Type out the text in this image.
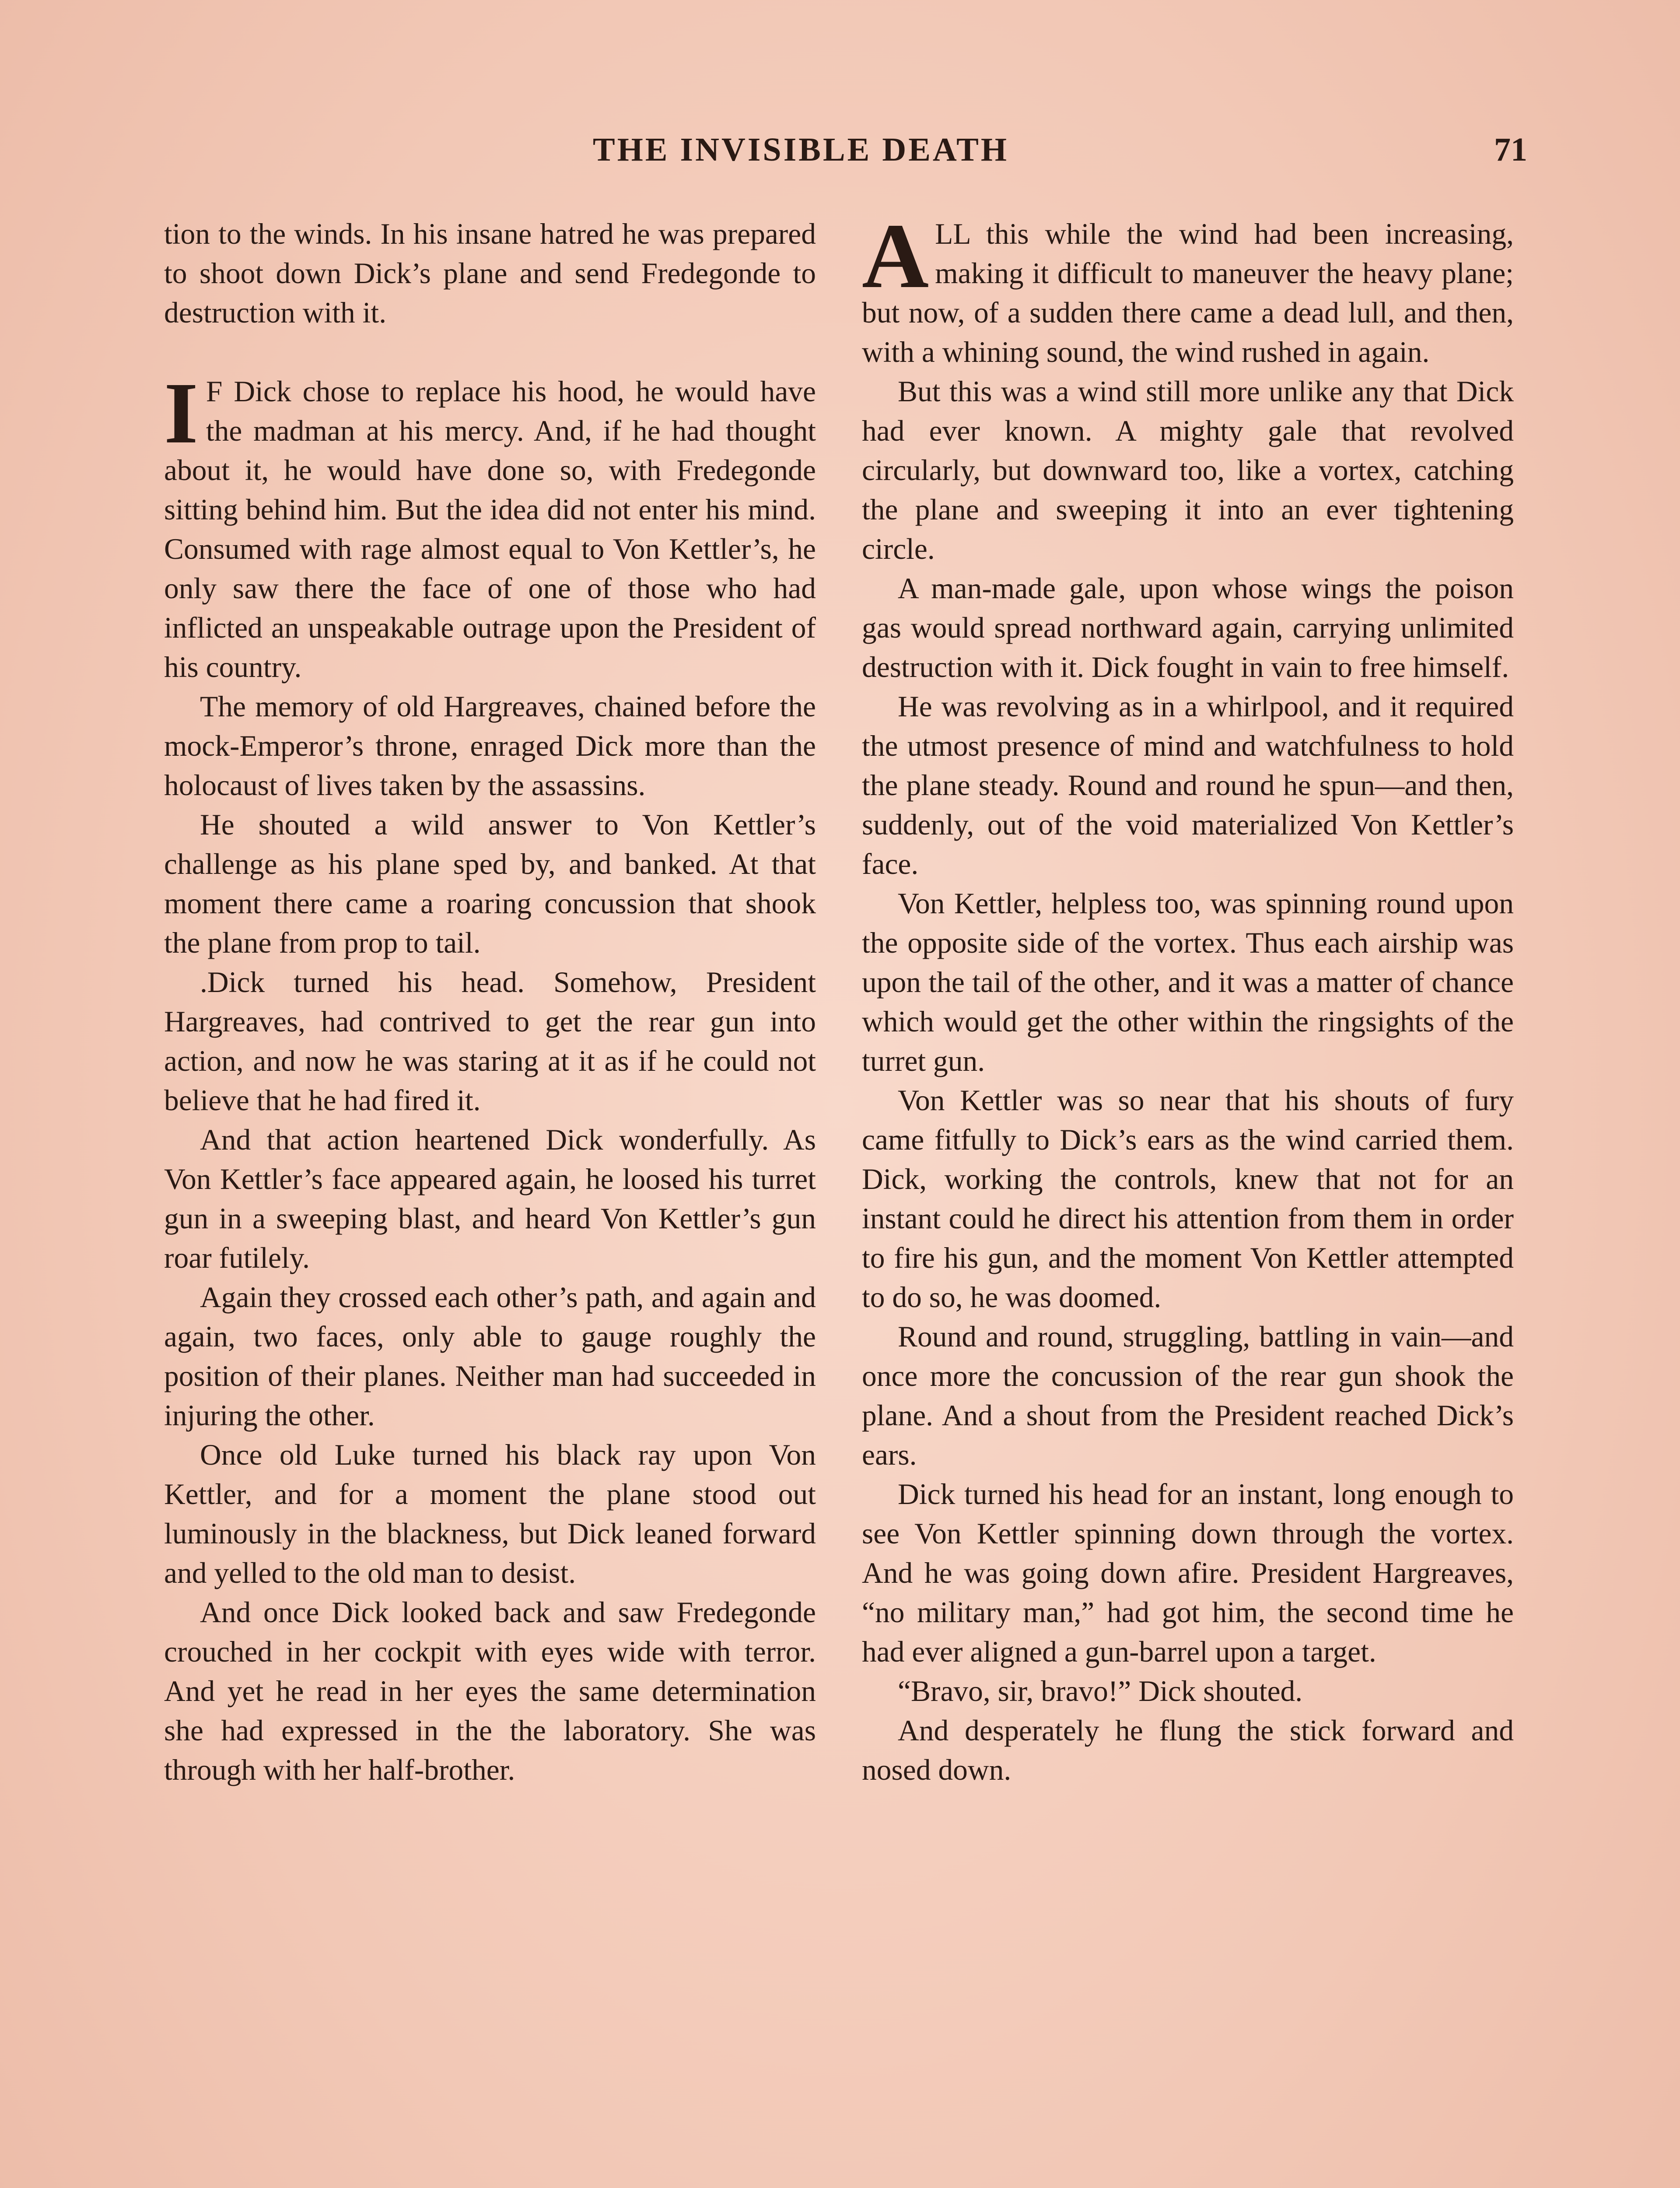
THE INVISIBLE DEATH	71

tion to the winds. In his insane hatred he was prepared to shoot down Dick’s plane and send Fredegonde to destruction with it.

I F Dick chose to replace his hood, he would have the madman at his mercy. And, if he had thought about it, he would have done so, with Fredegonde sitting behind him. But the idea did not enter his mind. Consumed with rage almost equal to Von Kettler’s, he only saw there the face of one of those who had inflicted an unspeakable outrage upon the President of his country.

The memory of old Hargreaves, chained before the mock-Emperor’s throne, enraged Dick more than the holocaust of lives taken by the assassins.

He shouted a wild answer to Von Kettler’s challenge as his plane sped by, and banked. At that moment there came a roaring concussion that shook the plane from prop to tail.

.Dick turned his head. Somehow, President Hargreaves, had contrived to get the rear gun into action, and now he was staring at it as if he could not believe that he had fired it.

And that action heartened Dick wonderfully. As Von Kettler’s face appeared again, he loosed his turret gun in a sweeping blast, and heard Von Kettler’s gun roar futilely.

Again they crossed each other’s path, and again and again, two faces, only able to gauge roughly the position of their planes. Neither man had succeeded in injuring the other.

Once old Luke turned his black ray upon Von Kettler, and for a moment the plane stood out luminously in the blackness, but Dick leaned forward and yelled to the old man to desist.

And once Dick looked back and saw Fredegonde crouched in her cockpit with eyes wide with terror. And yet he read in her eyes the same determination she had expressed in the the laboratory. She was through with her half-brother.

ALL this while the wind had been increasing, making it difficult to maneuver the heavy plane; but now, of a sudden there came a dead lull, and then, with a whining sound, the wind rushed in again.

But this was a wind still more unlike any that Dick had ever known. A mighty gale that revolved circularly, but downward too, like a vortex, catching the plane and sweeping it into an ever tightening circle.

A man-made gale, upon whose wings the poison gas would spread northward again, carrying unlimited destruction with it. Dick fought in vain to free himself.

He was revolving as in a whirlpool, and it required the utmost presence of mind and watchfulness to hold the plane steady. Round and round he spun—and then, suddenly, out of the void materialized Von Kettler’s face.

Von Kettler, helpless too, was spinning round upon the opposite side of the vortex. Thus each airship was upon the tail of the other, and it was a matter of chance which would get the other within the ringsights of the turret gun.

Von Kettler was so near that his shouts of fury came fitfully to Dick’s ears as the wind carried them. Dick, working the controls, knew that not for an instant could he direct his attention from them in order to fire his gun, and the moment Von Kettler attempted to do so, he was doomed.

Round and round, struggling, battling in vain—and once more the concussion of the rear gun shook the plane. And a shout from the President reached Dick’s ears.

Dick turned his head for an instant, long enough to see Von Kettler spinning down through the vortex. And he was going down afire. President Hargreaves, “no military man,” had got him, the second time he had ever aligned a gun-barrel upon a target.

“Bravo, sir, bravo!” Dick shouted.

And desperately he flung the stick forward and nosed down.
